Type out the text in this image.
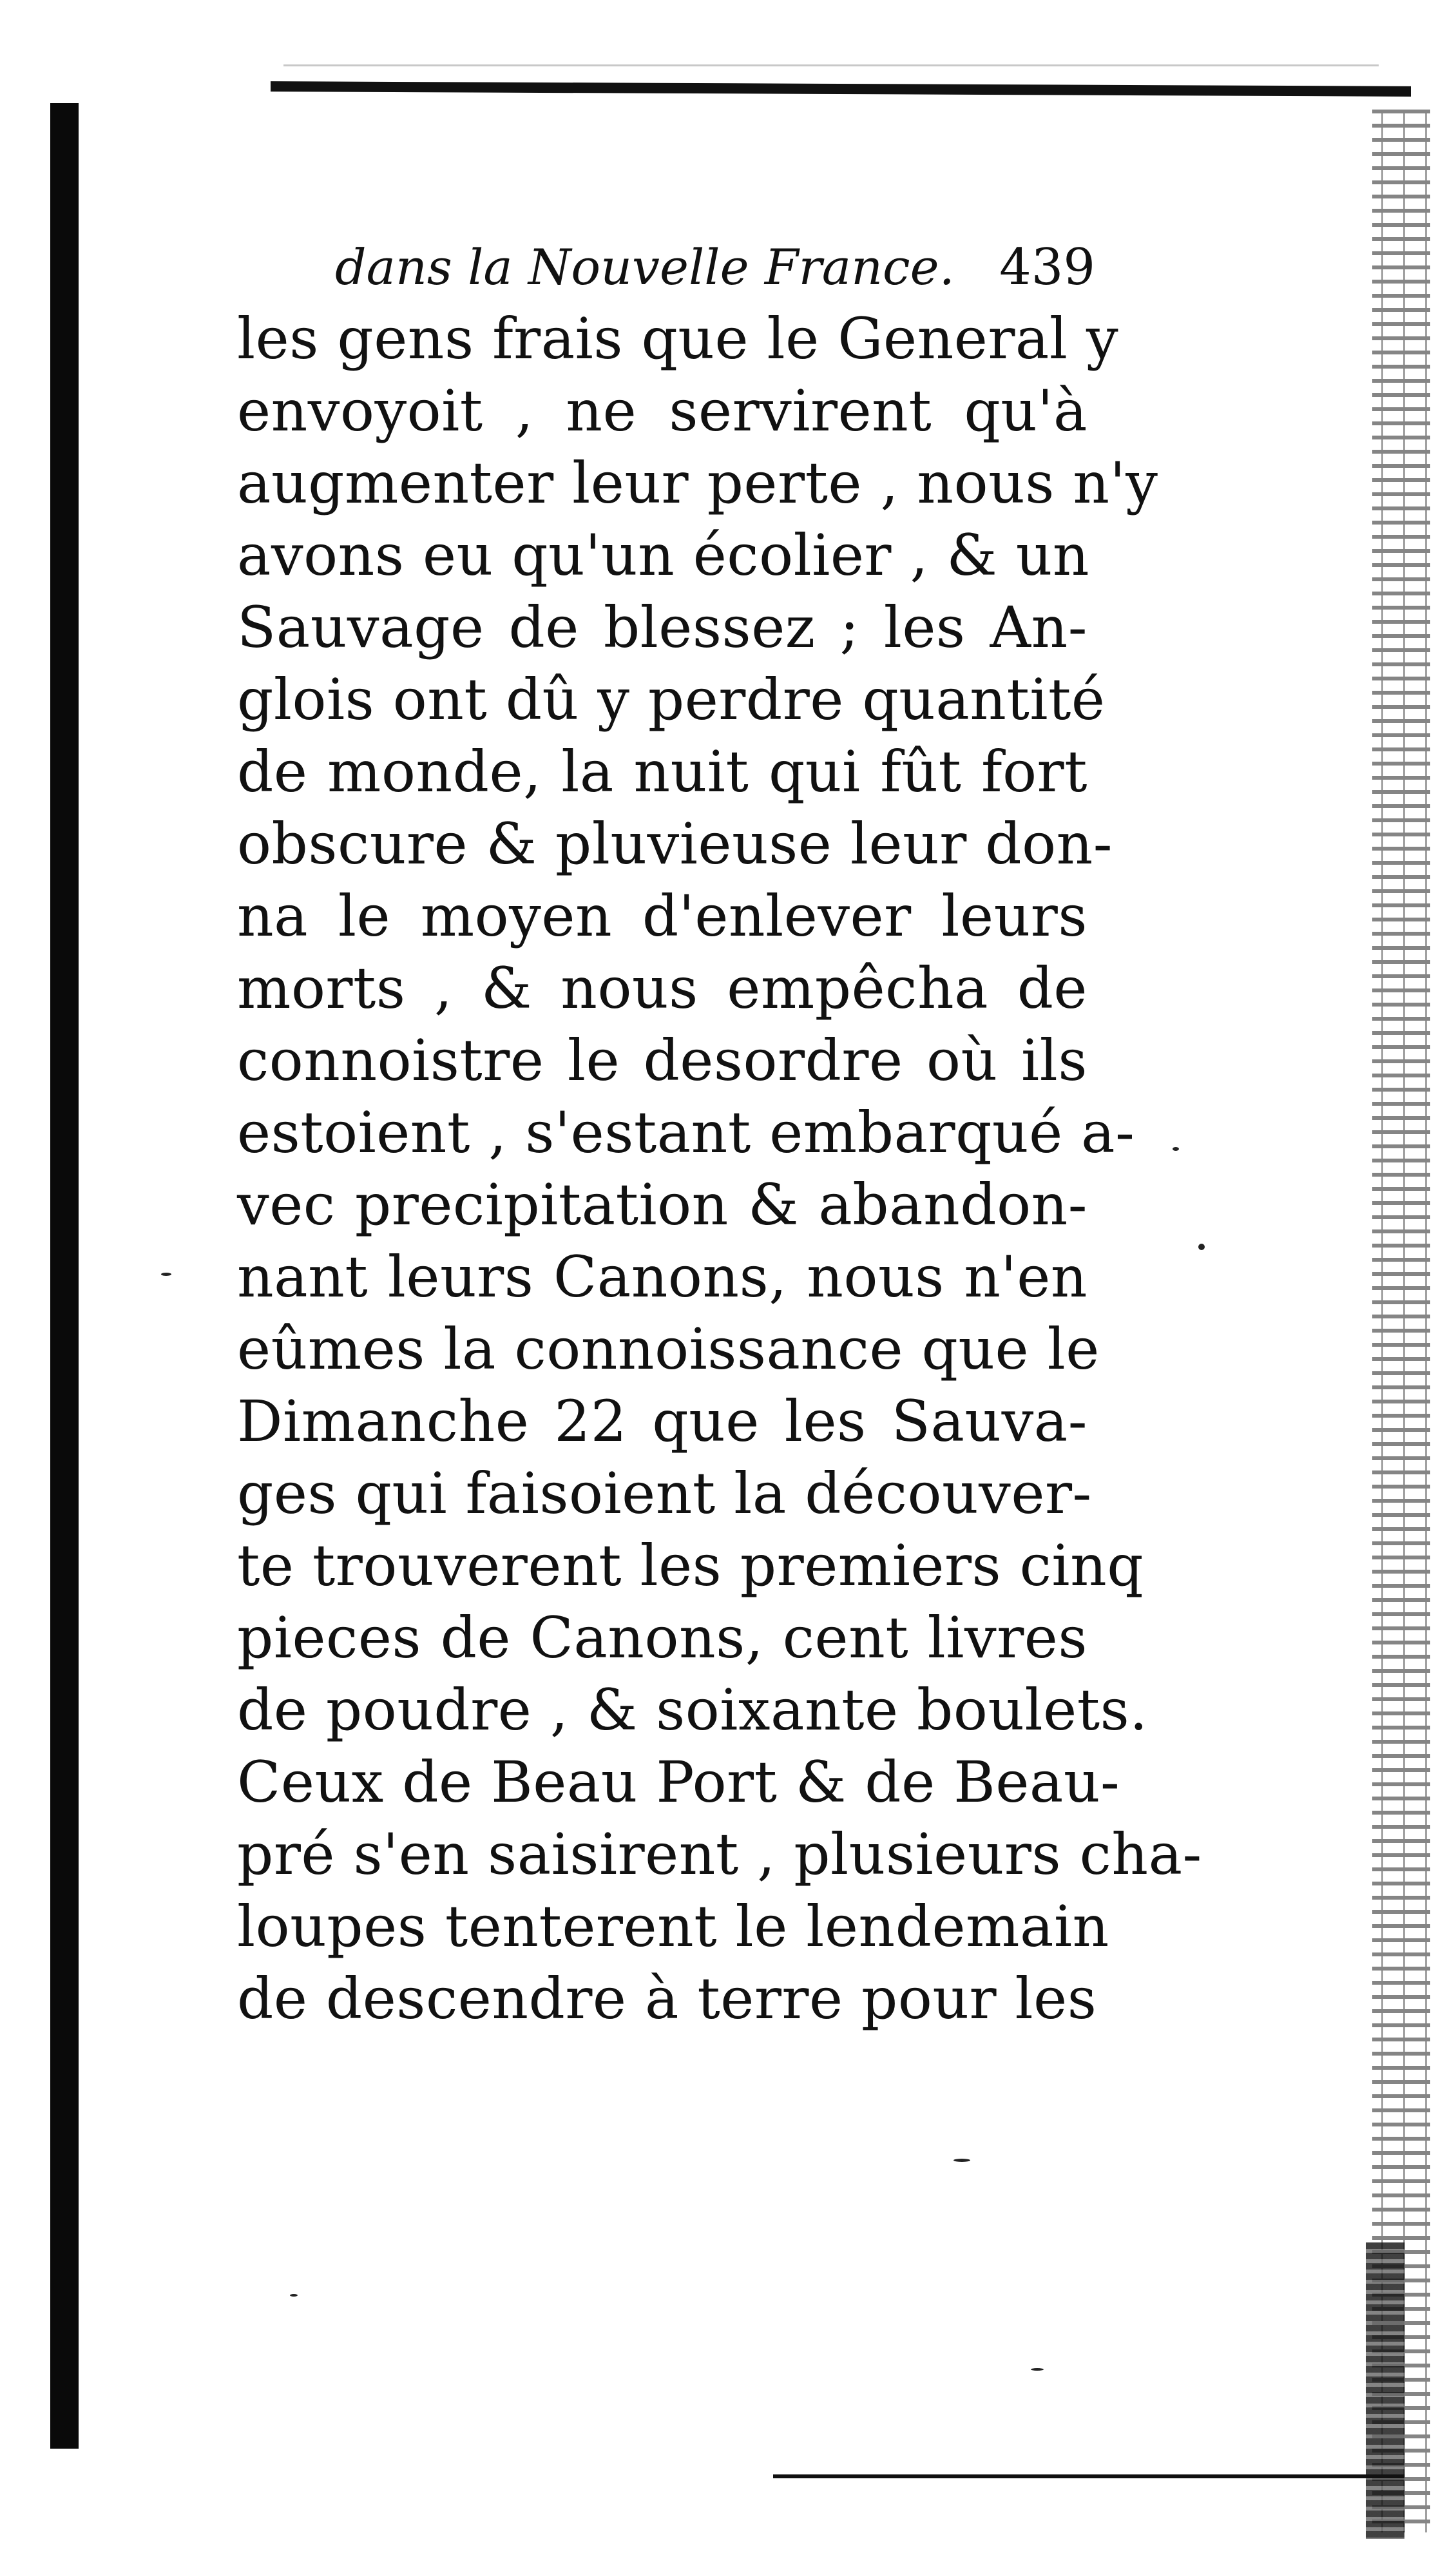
dans la Nouvelle France. 439
les gens frais que le General y
envoyoit , ne servirent qu'à
augmenter leur perte , nous n'y
avons eu qu'un écolier , & un
Sauvage de blessez ; les An-
glois ont dû y perdre quantité
de monde, la nuit qui fût fort
obscure & pluvieuse leur don-
na le moyen d'enlever leurs
morts , & nous empêcha de
connoistre le desordre où ils
estoient , s'estant embarqué a-
vec precipitation & abandon-
nant leurs Canons, nous n'en
eûmes la connoissance que le
Dimanche 22 que les Sauva-
ges qui faisoient la découver-
te trouverent les premiers cinq
pieces de Canons, cent livres
de poudre , & soixante boulets.
Ceux de Beau Port & de Beau-
pré s'en saisirent , plusieurs cha-
loupes tenterent le lendemain
de descendre à terre pour les
